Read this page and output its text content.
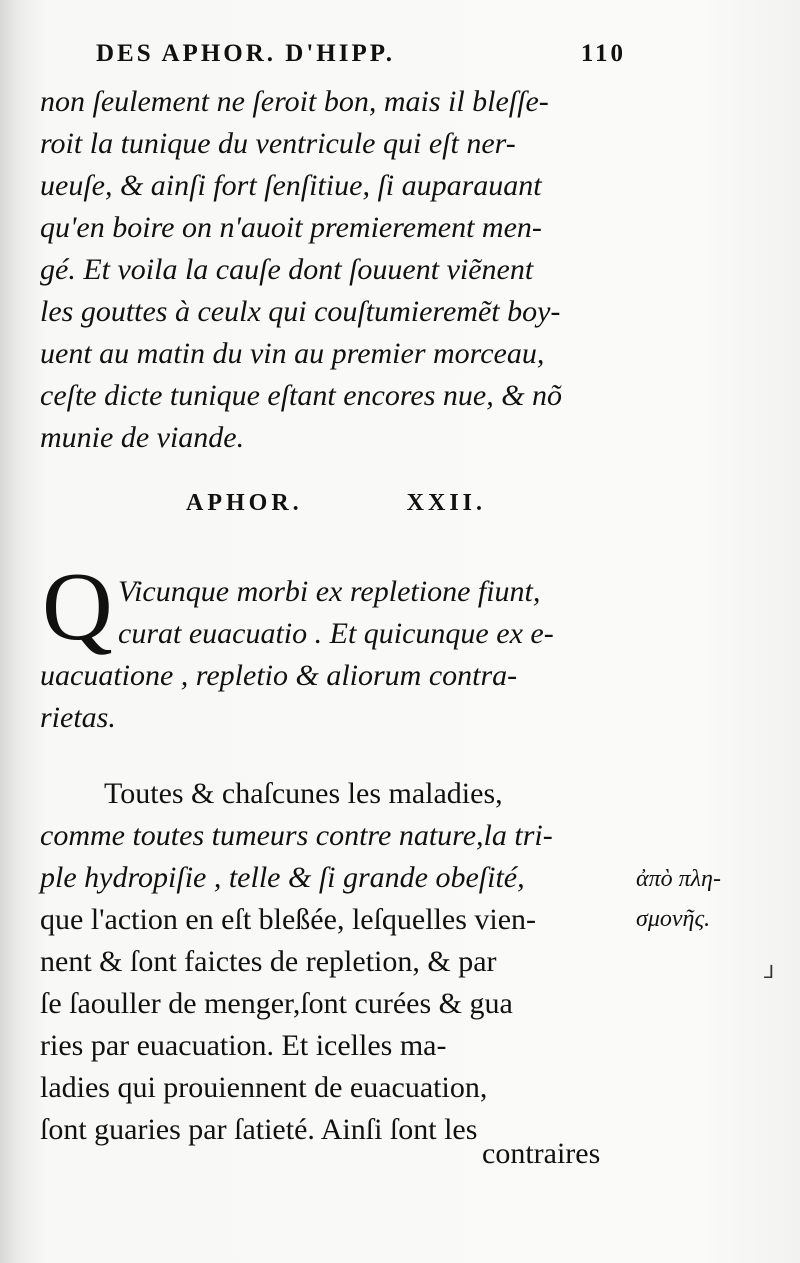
DES APHOR. D'HIPP.	110
non ſeulement ne ſeroit bon, mais il bleſſe-
roit la tunique du ventricule qui eſt ner-
ueuſe, & ainſi fort ſenſitiue, ſi auparauant
qu'en boire on n'auoit premierement men-
gé. Et voila la cauſe dont ſouuent viẽnent
les gouttes à ceulx qui couſtumieremẽt boy-
uent au matin du vin au premier morceau,
ceſte dicte tunique eſtant encores nue, & nõ
munie de viande.
APHOR.	XXII.
Q Vicunque morbi ex repletione fiunt,
curat euacuatio . Et quicunque ex e-
uacuatione , repletio & aliorum contra-
rietas.
Toutes & chaſcunes les maladies,
comme toutes tumeurs contre nature,la tri-
ple hydropiſie , telle & ſi grande obeſité,
que l'action en eſt bleßée, leſquelles vien-
nent & ſont faictes de repletion, & par
ſe ſaouller de menger,ſont curées & gua
ries par euacuation. Et icelles ma-
ladies qui prouiennent de euacuation,
ſont guaries par ſatieté. Ainſi ſont les
ἀπὸ πλη-
σμονῆς.
⅃
contraires
